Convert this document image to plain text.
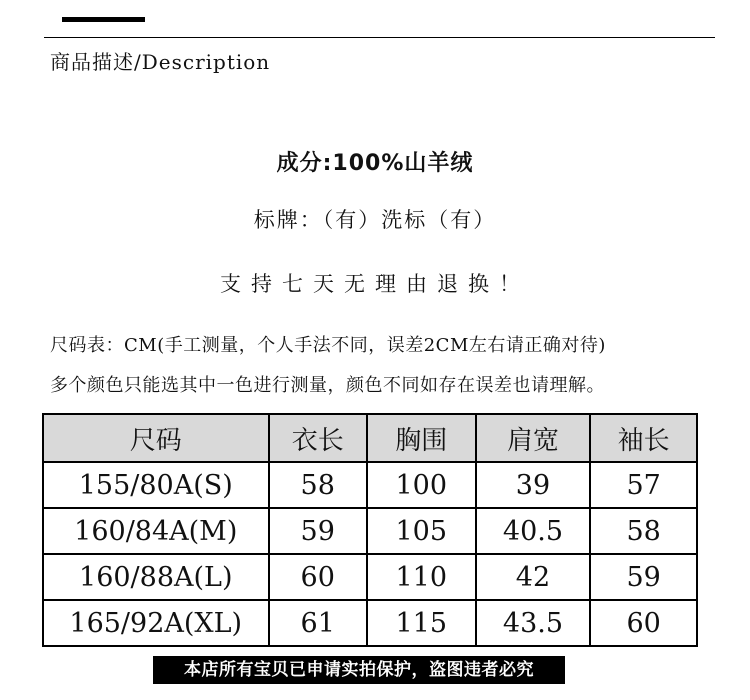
商品描述/Description
成分:100%山羊绒
标牌：（有）洗标（有）
支持七天无理由退换！
尺码表：CM(手工测量，个人手法不同，误差2CM左右请正确对待)
多个颜色只能选其中一色进行测量，颜色不同如存在误差也请理解。
尺码	衣长	胸围	肩宽	袖长
155/80A(S)	58	100	39	57
160/84A(M)	59	105	40.5	58
160/88A(L)	60	110	42	59
165/92A(XL)	61	115	43.5	60
本店所有宝贝已申请实拍保护，盗图违者必究
